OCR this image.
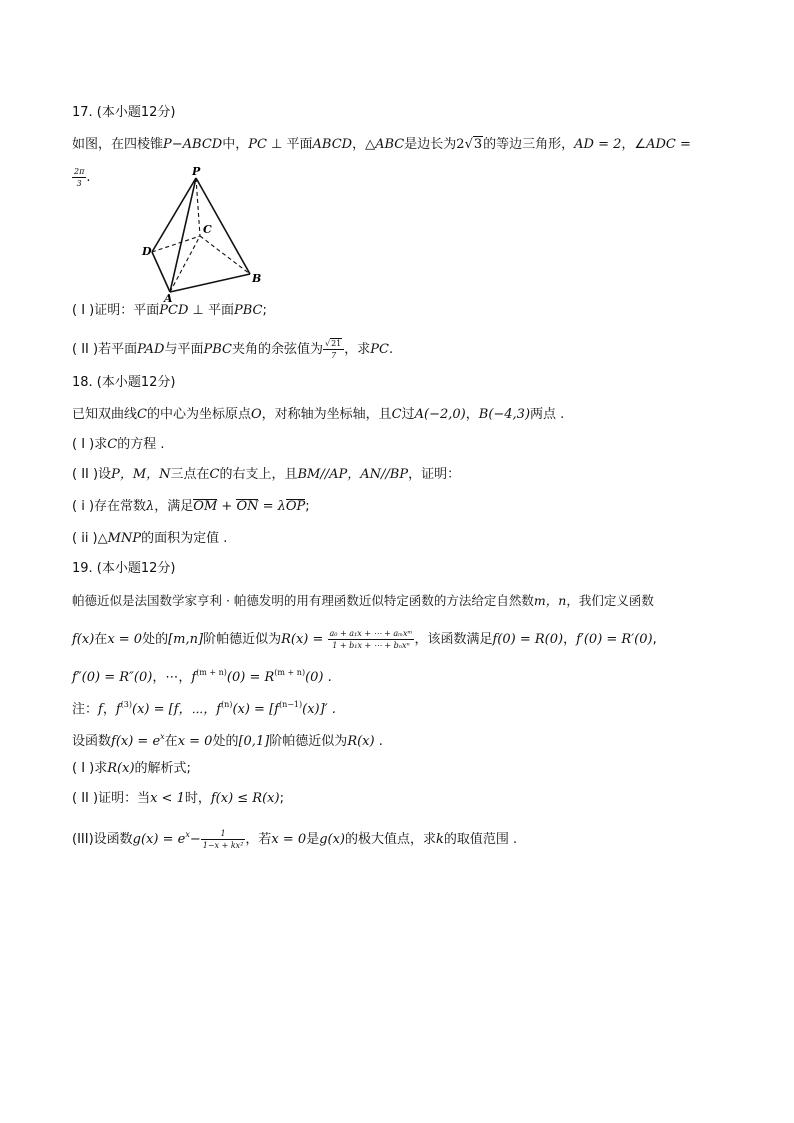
17. (本小题12分)
如图，在四棱锥P−ABCD中，PC ⊥ 平面ABCD，△ABC是边长为2√3的等边三角形，AD = 2，∠ADC =
$\frac{2\pi}{3}$ .	P
C
D
B
A
( I )证明：平面PCD ⊥ 平面PBC;
( II )若平面PAD与平面PBC夹角的余弦值为 $\frac{√21}{7}$ ，求PC.
18. (本小题12分)
已知双曲线C的中心为坐标原点O，对称轴为坐标轴，且C过A(−2,0)，B(−4,3)两点 .
( I )求C的方程 .
( II )设P，M，N三点在C的右支上，且BM//AP，AN//BP，证明：
( i )存在常数λ，满足OM + ON = λOP;
( ii )△MNP的面积为定值 .
19. (本小题12分)
帕德近似是法国数学家亨利 · 帕德发明的用有理函数近似特定函数的方法给定自然数m，n，我们定义函数
f(x)在x = 0处的[m,n]阶帕德近似为$R(x) = \frac{\text{a₀ + a₁x + ⋯ + aₘxᵐ}}{\text{1 + b₁x + ⋯ + bₙxⁿ}}$ ，该函数满足f(0) = R(0)，f′(0) = R′(0),
f″(0) = R″(0)，⋯，$f^{(m + n)}(0) = R^{(m + n)}(0)$ .
注：f，$f^{(3)}(x) = [f$，⋯，$f^{(n)}(x) = [f^{(n-1)}(x)]'$ .
设函数$f(x) = e^x$在x = 0处的[0,1]阶帕德近似为R(x) .
( I )求R(x)的解析式;
( II )证明：当x < 1时，f(x) ≤ R(x);
(III)设函数$g(x) = e^x- \frac{1}{\text{1−x + kx²}}$ ，若x = 0是g(x)的极大值点，求k的取值范围 .
